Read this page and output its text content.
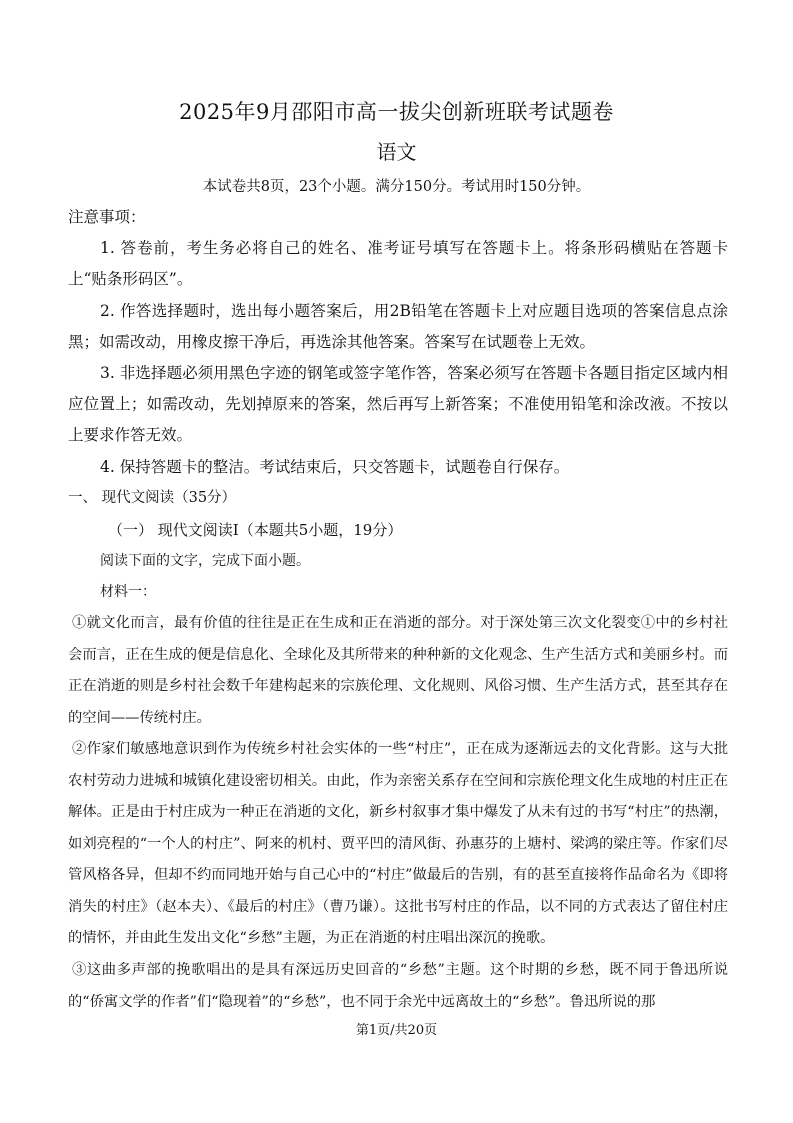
2025年9月邵阳市高一拔尖创新班联考试题卷
语文
本试卷共8页，23个小题。满分150分。考试用时150分钟。
注意事项：

1. 答卷前，考生务必将自己的姓名、准考证号填写在答题卡上。将条形码横贴在答题卡上“贴条形码区”。

2. 作答选择题时，选出每小题答案后，用2B铅笔在答题卡上对应题目选项的答案信息点涂黑；如需改动，用橡皮擦干净后，再选涂其他答案。答案写在试题卷上无效。

3. 非选择题必须用黑色字迹的钢笔或签字笔作答，答案必须写在答题卡各题目指定区域内相应位置上；如需改动，先划掉原来的答案，然后再写上新答案；不准使用铅笔和涂改液。不按以上要求作答无效。

4. 保持答题卡的整洁。考试结束后，只交答题卡，试题卷自行保存。

一、 现代文阅读（35分）
（一） 现代文阅读Ⅰ（本题共5小题，19分）
阅读下面的文字，完成下面小题。
材料一：

①就文化而言，最有价值的往往是正在生成和正在消逝的部分。对于深处第三次文化裂变①中的乡村社会而言，正在生成的便是信息化、全球化及其所带来的种种新的文化观念、生产生活方式和美丽乡村。而正在消逝的则是乡村社会数千年建构起来的宗族伦理、文化规则、风俗习惯、生产生活方式，甚至其存在的空间——传统村庄。

②作家们敏感地意识到作为传统乡村社会实体的一些“村庄”，正在成为逐渐远去的文化背影。这与大批农村劳动力进城和城镇化建设密切相关。由此，作为亲密关系存在空间和宗族伦理文化生成地的村庄正在解体。正是由于村庄成为一种正在消逝的文化，新乡村叙事才集中爆发了从未有过的书写“村庄”的热潮，如刘亮程的“一个人的村庄”、阿来的机村、贾平凹的清风街、孙惠芬的上塘村、梁鸿的梁庄等。作家们尽管风格各异，但却不约而同地开始与自己心中的“村庄”做最后的告别，有的甚至直接将作品命名为《即将消失的村庄》（赵本夫）、《最后的村庄》（曹乃谦）。这批书写村庄的作品，以不同的方式表达了留住村庄的情怀，并由此生发出文化“乡愁”主题，为正在消逝的村庄唱出深沉的挽歌。

③这曲多声部的挽歌唱出的是具有深远历史回音的“乡愁”主题。这个时期的乡愁，既不同于鲁迅所说的“侨寓文学的作者”们“隐现着”的“乡愁”，也不同于余光中远离故土的“乡愁”。鲁迅所说的那

第1页/共20页
